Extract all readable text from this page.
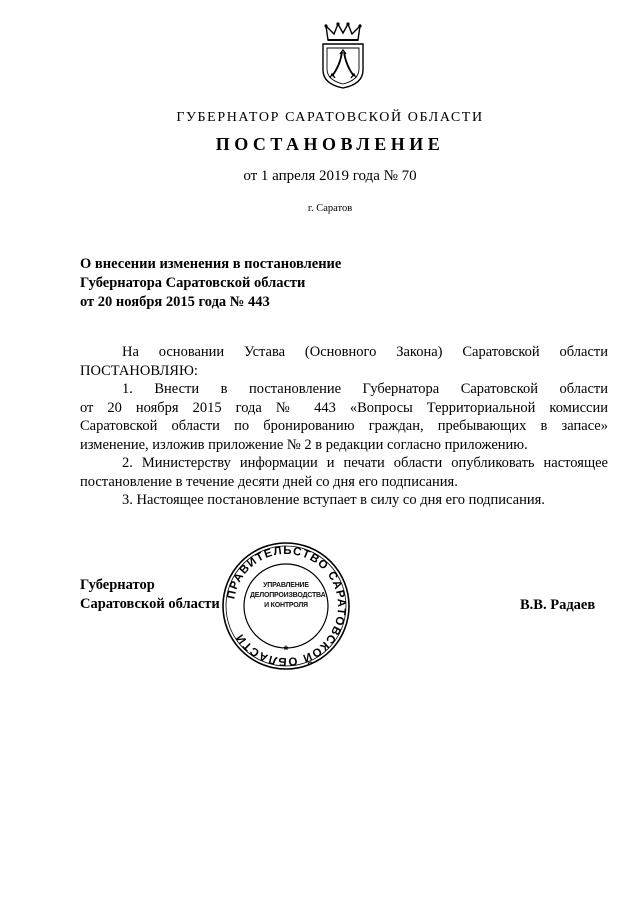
ГУБЕРНАТОР САРАТОВСКОЙ ОБЛАСТИ
ПОСТАНОВЛЕНИЕ
от 1 апреля 2019 года № 70
г. Саратов
О внесении изменения в постановление
Губернатора Саратовской области
от 20 ноября 2015 года № 443

На основании Устава (Основного Закона) Саратовской области

ПОСТАНОВЛЯЮ:

1. Внести в постановление Губернатора Саратовской области

от 20 ноября 2015 года № 443 «Вопросы Территориальной комиссии

Саратовской области по бронированию граждан, пребывающих в запасе»

изменение, изложив приложение № 2 в редакции согласно приложению.

2. Министерству информации и печати области опубликовать настоящее

постановление в течение десяти дней со дня его подписания.

3. Настоящее постановление вступает в силу со дня его подписания.

ПРАВИТЕЛЬСТВО САРАТОВСКОЙ ОБЛАСТИ
*
УПРАВЛЕНИЕ
ДЕЛОПРОИЗВОДСТВА
И КОНТРОЛЯ
Губернатор
Саратовской области	В.В. Радаев
